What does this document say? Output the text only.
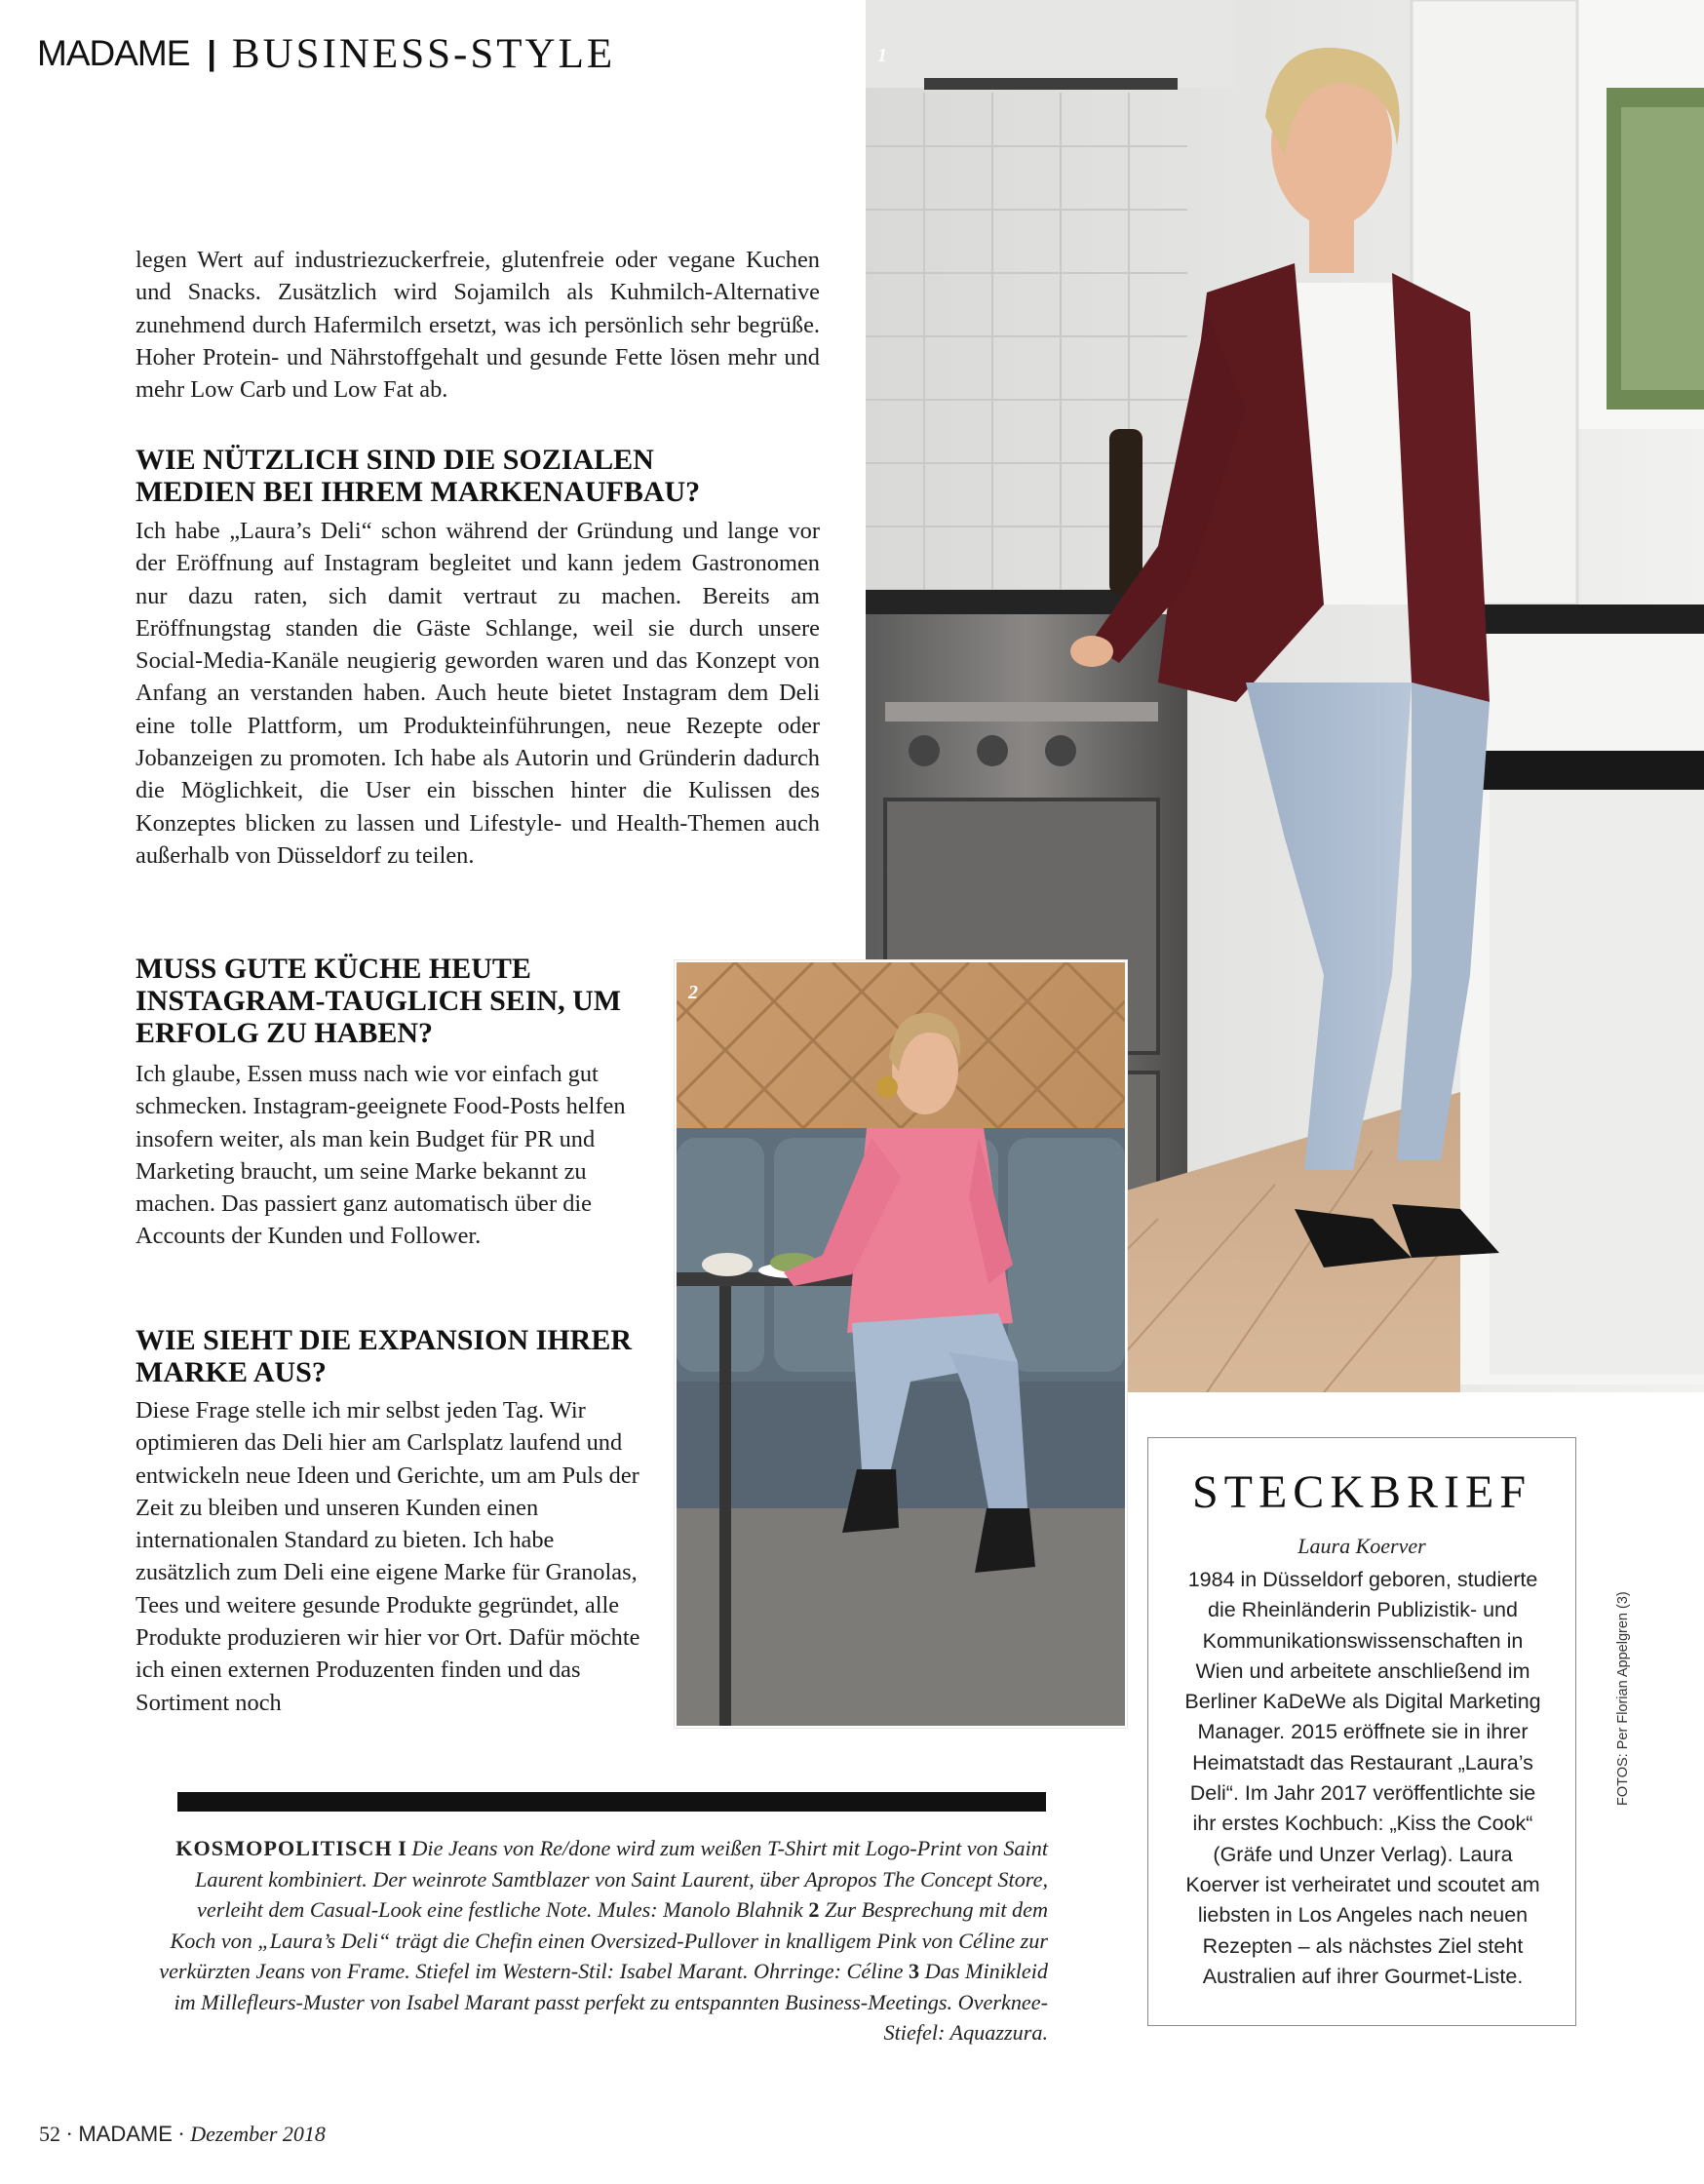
MADAME | BUSINESS-STYLE	1
2
legen Wert auf industriezuckerfreie, glutenfreie oder vegane Kuchen und Snacks. Zusätzlich wird Sojamilch als Kuhmilch-Alternative zunehmend durch Hafermilch ersetzt, was ich persönlich sehr begrüße. Hoher Protein- und Nährstoffgehalt und gesunde Fette lösen mehr und mehr Low Carb und Low Fat ab.
WIE NÜTZLICH SIND DIE SOZIALEN MEDIEN BEI IHREM MARKENAUFBAU?
Ich habe „Laura’s Deli“ schon während der Gründung und lange vor der Eröffnung auf Instagram begleitet und kann jedem Gastronomen nur dazu raten, sich damit vertraut zu machen. Bereits am Eröffnungstag standen die Gäste Schlange, weil sie durch unsere Social-Media-Kanäle neugierig geworden waren und das Konzept von Anfang an verstanden haben. Auch heute bietet Instagram dem Deli eine tolle Plattform, um Produkteinführungen, neue Rezepte oder Jobanzeigen zu promoten. Ich habe als Autorin und Gründerin dadurch die Möglichkeit, die User ein bisschen hinter die Kulissen des Konzeptes blicken zu lassen und Lifestyle- und Health-Themen auch außerhalb von Düsseldorf zu teilen.
MUSS GUTE KÜCHE HEUTE INSTAGRAM-TAUGLICH SEIN, UM ERFOLG ZU HABEN?
Ich glaube, Essen muss nach wie vor einfach gut schmecken. Instagram-geeignete Food-Posts helfen insofern weiter, als man kein Budget für PR und Marketing braucht, um seine Marke bekannt zu machen. Das passiert ganz automatisch über die Accounts der Kunden und Follower.
WIE SIEHT DIE EXPANSION IHRER MARKE AUS?
Diese Frage stelle ich mir selbst jeden Tag. Wir optimieren das Deli hier am Carlsplatz laufend und entwickeln neue Ideen und Gerichte, um am Puls der Zeit zu bleiben und unseren Kunden einen internationalen Standard zu bieten. Ich habe zusätzlich zum Deli eine eigene Marke für Granolas, Tees und weitere gesunde Produkte gegründet, alle Produkte produzieren wir hier vor Ort. Dafür möchte ich einen externen Produzenten finden und das Sortiment noch
KOSMOPOLITISCH I Die Jeans von Re/done wird zum weißen T-Shirt mit Logo-Print von Saint Laurent kombiniert. Der weinrote Samtblazer von Saint Laurent, über Apropos The Concept Store, verleiht dem Casual-Look eine festliche Note. Mules: Manolo Blahnik 2 Zur Besprechung mit dem Koch von „Laura’s Deli“ trägt die Chefin einen Oversized-Pullover in knalligem Pink von Céline zur verkürzten Jeans von Frame. Stiefel im Western-Stil: Isabel Marant. Ohrringe: Céline 3 Das Minikleid im Millefleurs-Muster von Isabel Marant passt perfekt zu entspannten Business-Meetings. Overknee-Stiefel: Aquazzura.
STECKBRIEF
Laura Koerver
1984 in Düsseldorf geboren, studierte die Rheinländerin Publizistik- und Kommunikationswissenschaften in Wien und arbeitete anschließend im Berliner KaDeWe als Digital Marketing Manager. 2015 eröffnete sie in ihrer Heimatstadt das Restaurant „Laura’s Deli“. Im Jahr 2017 veröffentlichte sie ihr erstes Kochbuch: „Kiss the Cook“ (Gräfe und Unzer Verlag). Laura Koerver ist verheiratet und scoutet am liebsten in Los Angeles nach neuen Rezepten – als nächstes Ziel steht Australien auf ihrer Gourmet-Liste.
FOTOS: Per Florian Appelgren (3)
52 · MADAME · Dezember 2018
